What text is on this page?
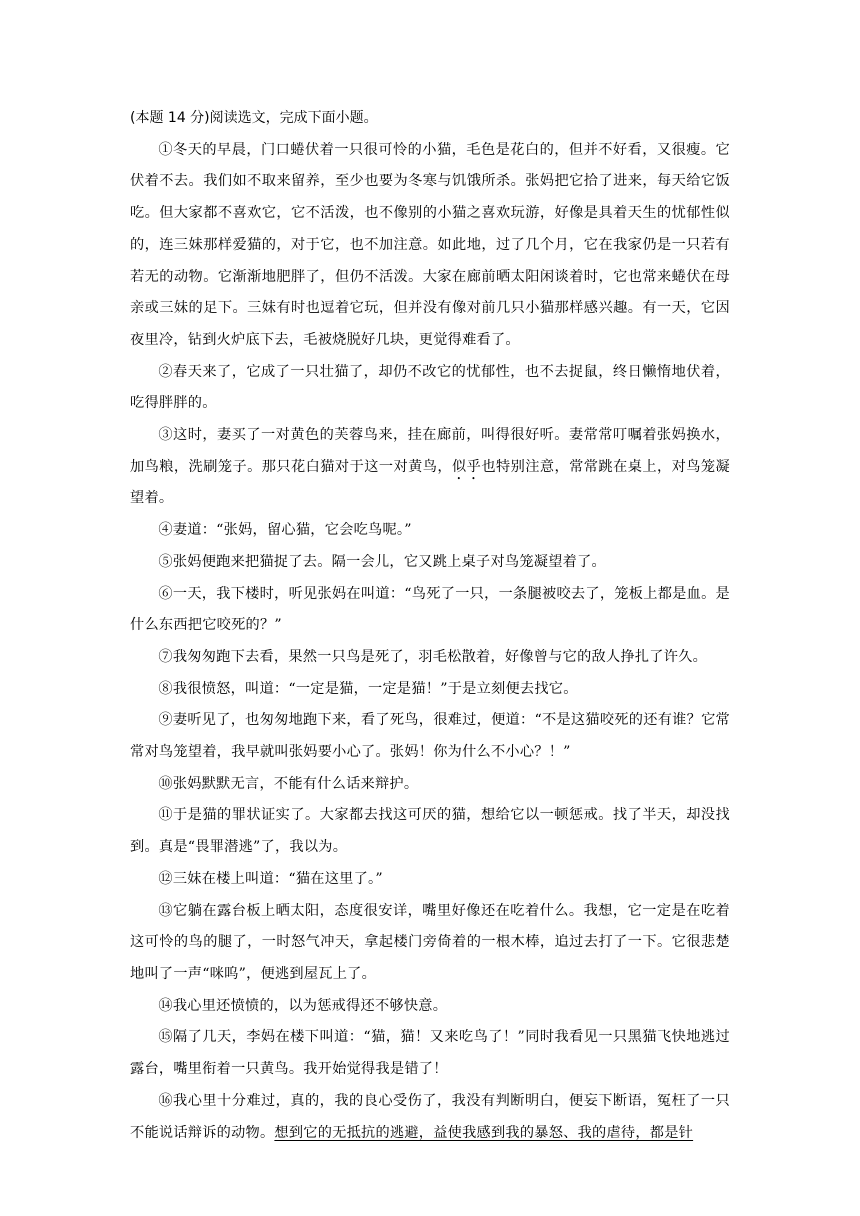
(本题 14 分)阅读选文，完成下面小题。

①冬天的早晨，门口蜷伏着一只很可怜的小猫，毛色是花白的，但并不好看，又很瘦。它伏着不去。我们如不取来留养，至少也要为冬寒与饥饿所杀。张妈把它拾了进来，每天给它饭吃。但大家都不喜欢它，它不活泼，也不像别的小猫之喜欢玩游，好像是具着天生的忧郁性似的，连三妹那样爱猫的，对于它，也不加注意。如此地，过了几个月，它在我家仍是一只若有若无的动物。它渐渐地肥胖了，但仍不活泼。大家在廊前晒太阳闲谈着时，它也常来蜷伏在母亲或三妹的足下。三妹有时也逗着它玩，但并没有像对前几只小猫那样感兴趣。有一天，它因夜里冷，钻到火炉底下去，毛被烧脱好几块，更觉得难看了。

②春天来了，它成了一只壮猫了，却仍不改它的忧郁性，也不去捉鼠，终日懒惰地伏着，吃得胖胖的。

③这时，妻买了一对黄色的芙蓉鸟来，挂在廊前，叫得很好听。妻常常叮嘱着张妈换水，加鸟粮，洗刷笼子。那只花白猫对于这一对黄鸟，似乎也特别注意，常常跳在桌上，对鸟笼凝望着。

④妻道：“张妈，留心猫，它会吃鸟呢。”

⑤张妈便跑来把猫捉了去。隔一会儿，它又跳上桌子对鸟笼凝望着了。

⑥一天，我下楼时，听见张妈在叫道：“鸟死了一只，一条腿被咬去了，笼板上都是血。是什么东西把它咬死的？”

⑦我匆匆跑下去看，果然一只鸟是死了，羽毛松散着，好像曾与它的敌人挣扎了许久。

⑧我很愤怒，叫道：“一定是猫，一定是猫！”于是立刻便去找它。

⑨妻听见了，也匆匆地跑下来，看了死鸟，很难过，便道：“不是这猫咬死的还有谁？它常常对鸟笼望着，我早就叫张妈要小心了。张妈！你为什么不小心？！”

⑩张妈默默无言，不能有什么话来辩护。

⑪于是猫的罪状证实了。大家都去找这可厌的猫，想给它以一顿惩戒。找了半天，却没找到。真是“畏罪潜逃”了，我以为。

⑫三妹在楼上叫道：“猫在这里了。”

⑬它躺在露台板上晒太阳，态度很安详，嘴里好像还在吃着什么。我想，它一定是在吃着这可怜的鸟的腿了，一时怒气冲天，拿起楼门旁倚着的一根木棒，追过去打了一下。它很悲楚地叫了一声“咪呜”，便逃到屋瓦上了。

⑭我心里还愤愤的，以为惩戒得还不够快意。

⑮隔了几天，李妈在楼下叫道：“猫，猫！又来吃鸟了！”同时我看见一只黑猫飞快地逃过露台，嘴里衔着一只黄鸟。我开始觉得我是错了！

⑯我心里十分难过，真的，我的良心受伤了，我没有判断明白，便妄下断语，冤枉了一只不能说话辩诉的动物。想到它的无抵抗的逃避，益使我感到我的暴怒、我的虐待，都是针
